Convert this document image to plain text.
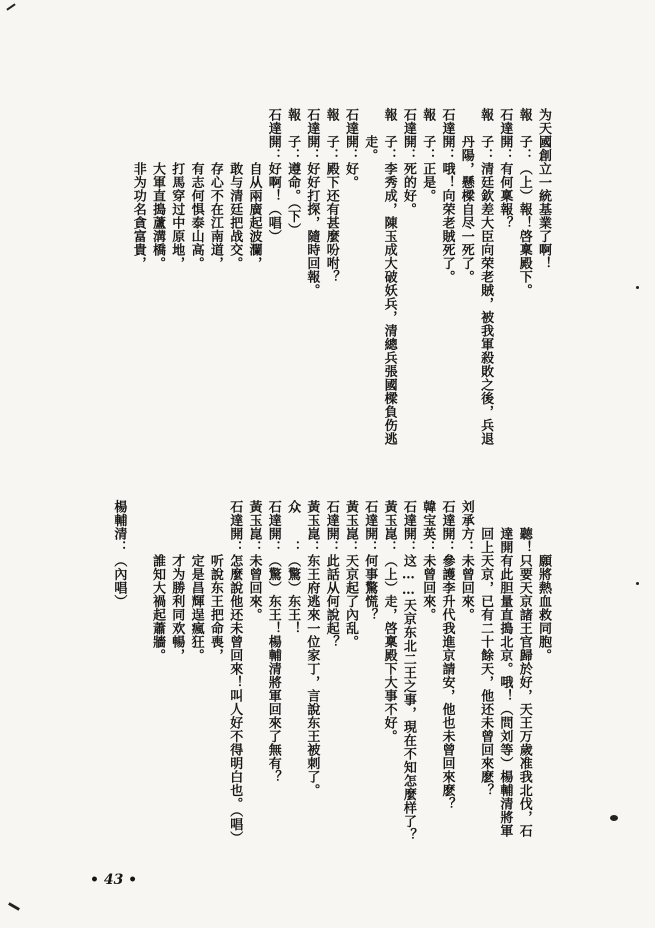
为天國創立一統基業了啊！
報　子：（上）報！啓稟殿下。
石達開：有何稟報？
報　子：清廷欽差大臣向荣老賊，被我軍殺敗之後，兵退
　　丹陽，懸樑自尽一死了。
石達開：哦！向荣老賊死了。
報　子：正是。
石達開：死的好。
報　子：李秀成，陳玉成大破妖兵，清總兵張國樑負伤逃
　　走。
石達開：好。
報　子：殿下还有甚麼吩咐？
石達開：好好打探，隨時回報。
報　子：遵命。（下）
石達開：好啊！（唱）
　　　　自从兩廣起波瀾，
　　　　敢与清廷把战交。
　　　　存心不在江南道，
　　　　有志何惧泰山高。
　　　　打馬穿过中原地，
　　　　大軍直搗蘆溝橋。
　　　　非为功名貪富貴，
　　　　願將熱血救同胞。
　　聽！只要天京諸王官歸於好，天王万歲准我北伐，石
　　達開有此胆量直搗北京。哦！（問刘等）楊輔清將軍
　　回上天京，已有二十餘天，他还未曾回來麽？
刘承方：未曾回來。
石達開：參護李升代我進京請安，他也未曾回來麽？
韓宝英：未曾回來。
石達開：这……天京东北二王之事，現在不知怎麼样了？
黃玉崑：（上）走，啓稟殿下大事不好。
石達開：何事驚慌？
黃玉崑：天京起了內乱。
石達開：此話从何說起？
黃玉崑：东王府逃來一位家丁，言說东王被刺了。
众　　：（驚）东王！
石達開：（驚）东王！楊輔清將軍回來了無有？
黃玉崑：未曾回來。
石達開：怎麼說他还未曾回來！叫人好不得明白也。（唱）
　　　　听說东王把命喪，
　　　　定是昌輝逞瘋狂。
　　　　才为勝利同欢暢，
　　　　誰知大禍起蕭牆。
楊輔清：（內唱）
• 43 •
